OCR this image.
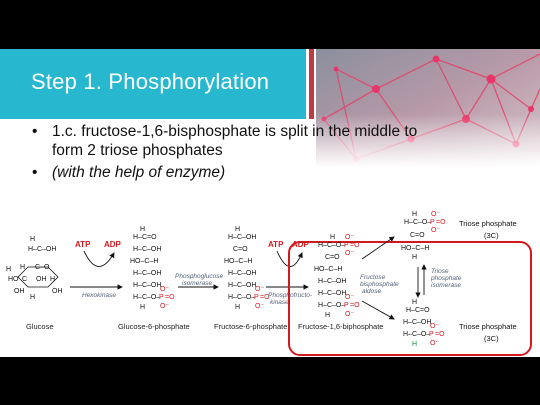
Step 1. Phosphorylation
• 1.c. fructose-1,6-bisphosphate is split in the middle to form 2 triose phosphates
• (with the help of enzyme)
H
H–C–OH
H C–O
HO C OH H
OH
H
OH
H
Glucose
ATP ADP
Hexokinase
H
H–C=O
H–C–OH
HO–C–H
H–C–OH
H–C–OH
H–C–O–
P =O
O⁻
O⁻
H
Glucose-6-phosphate
Phosphoglucose
isomerase
H
H–C–OH
C=O
HO–C–H
H–C–OH
H–C–OH
H–C–O–
P =O
O⁻
O⁻
H
Fructose-6-phosphate
ATP ADP
Phosphofructo-
kinase
H
H–C–O–
P =O
O⁻
O⁻
C=O
HO–C–H
H–C–OH
H–C–OH
H–C–O–
P =O
O⁻
O⁻
H
Fructose-1,6-biphosphate
Fructose
bisphosphate
aldose
H
H–C–O–
P =O
O⁻
O⁻
C=O
HO–C–H
H
Triose phosphate
(3C)
Triose
phosphate
isomerase
H
H–C=O
H–C–OH
H–C–O–
P =O
O⁻
O⁻
H
Triose phosphate
(3C)
